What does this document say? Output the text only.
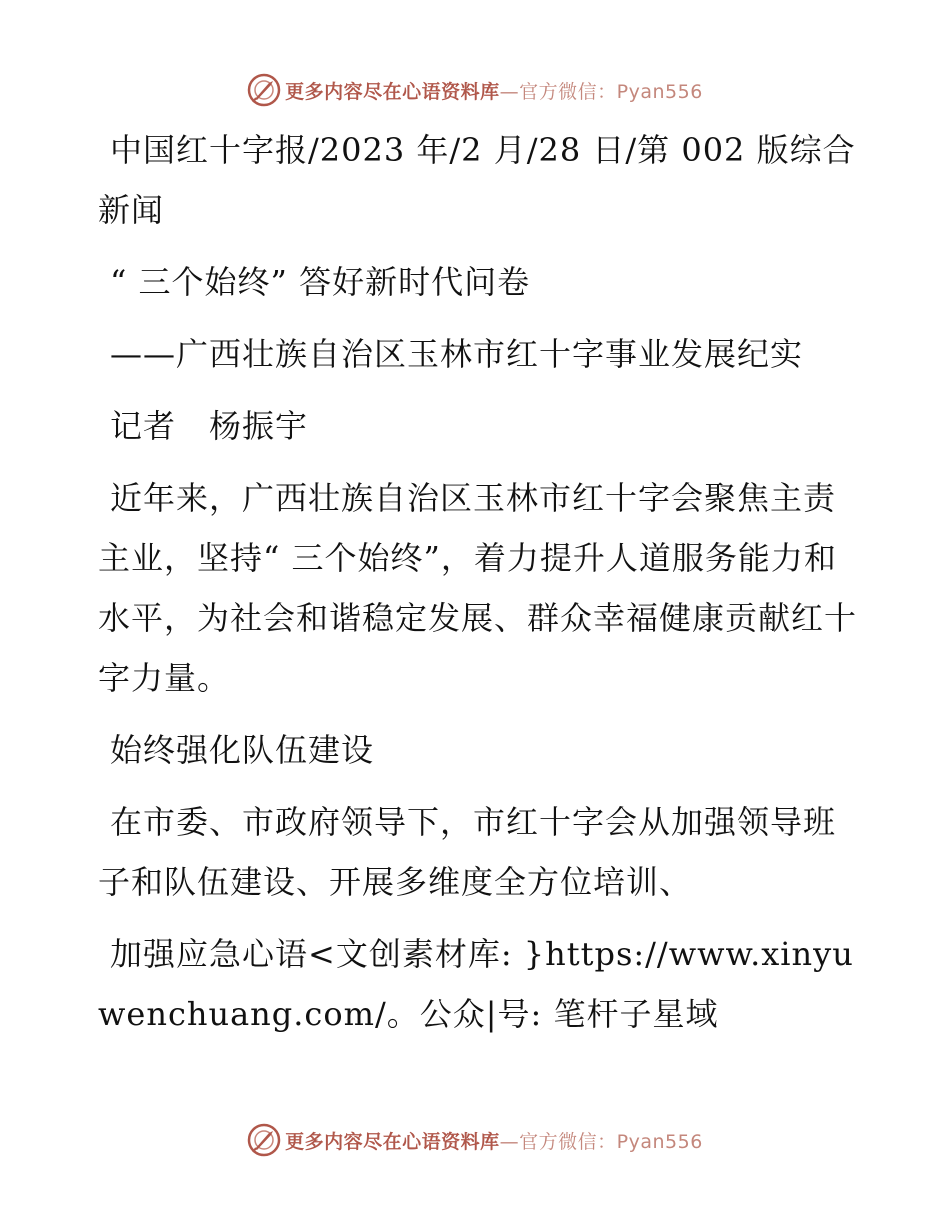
更多内容尽在心语资料库—官方微信：Pyan556

中国红十字报/2023 年/2 月/28 日/第 002 版综合新闻

“ 三个始终” 答好新时代问卷

——广西壮族自治区玉林市红十字事业发展纪实

记者　杨振宇

近年来，广西壮族自治区玉林市红十字会聚焦主责主业，坚持“ 三个始终”，着力提升人道服务能力和水平，为社会和谐稳定发展、群众幸福健康贡献红十字力量。

始终强化队伍建设

在市委、市政府领导下，市红十字会从加强领导班子和队伍建设、开展多维度全方位培训、

加强应急心语<文创素材库: }https://www.xinyuwenchuang.com/。公众|号: 笔杆子星域

更多内容尽在心语资料库—官方微信：Pyan556
